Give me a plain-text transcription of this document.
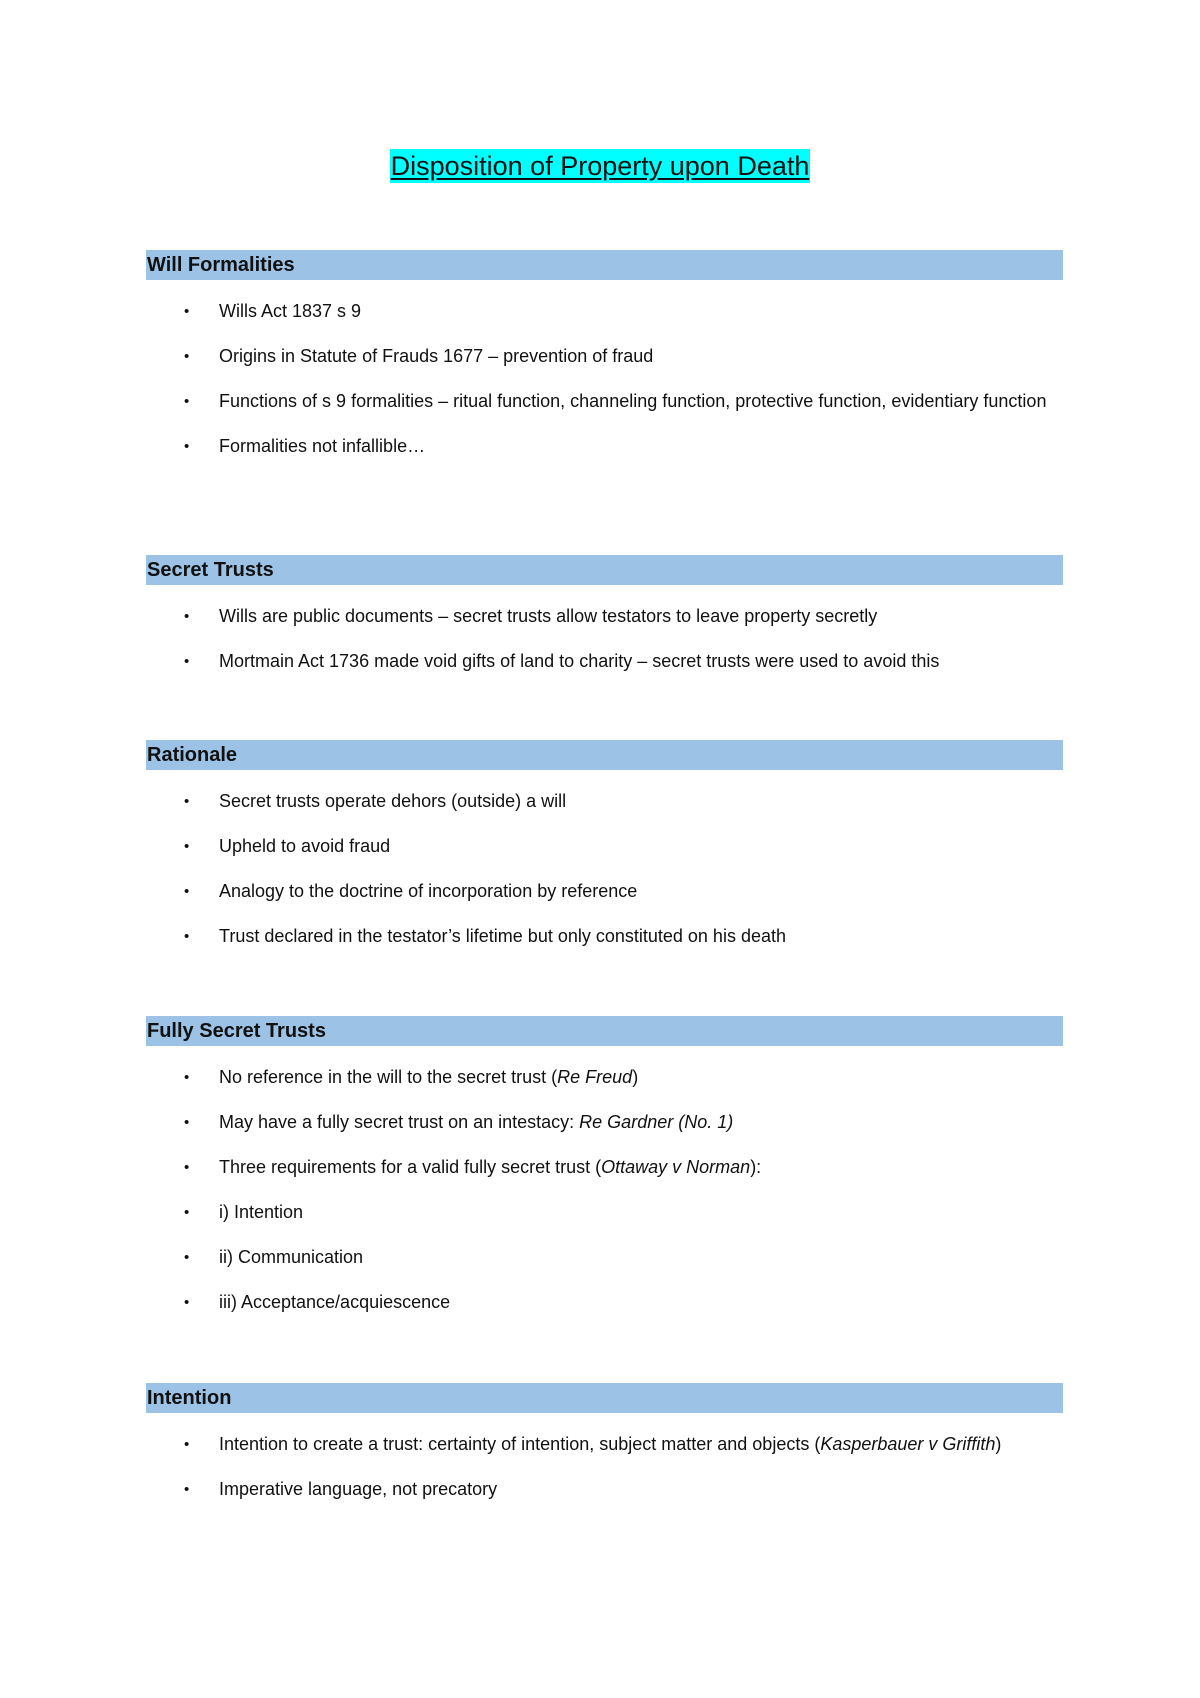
Disposition of Property upon Death
Will Formalities
• Wills Act 1837 s 9
• Origins in Statute of Frauds 1677 – prevention of fraud
• Functions of s 9 formalities – ritual function, channeling function, protective function, evidentiary function
• Formalities not infallible…
Secret Trusts
• Wills are public documents – secret trusts allow testators to leave property secretly
• Mortmain Act 1736 made void gifts of land to charity – secret trusts were used to avoid this
Rationale
• Secret trusts operate dehors (outside) a will
• Upheld to avoid fraud
• Analogy to the doctrine of incorporation by reference
• Trust declared in the testator’s lifetime but only constituted on his death
Fully Secret Trusts
• No reference in the will to the secret trust (Re Freud)
• May have a fully secret trust on an intestacy: Re Gardner (No. 1)
• Three requirements for a valid fully secret trust (Ottaway v Norman):
• i) Intention
• ii) Communication
• iii) Acceptance/acquiescence
Intention
• Intention to create a trust: certainty of intention, subject matter and objects (Kasperbauer v Griffith)
• Imperative language, not precatory
